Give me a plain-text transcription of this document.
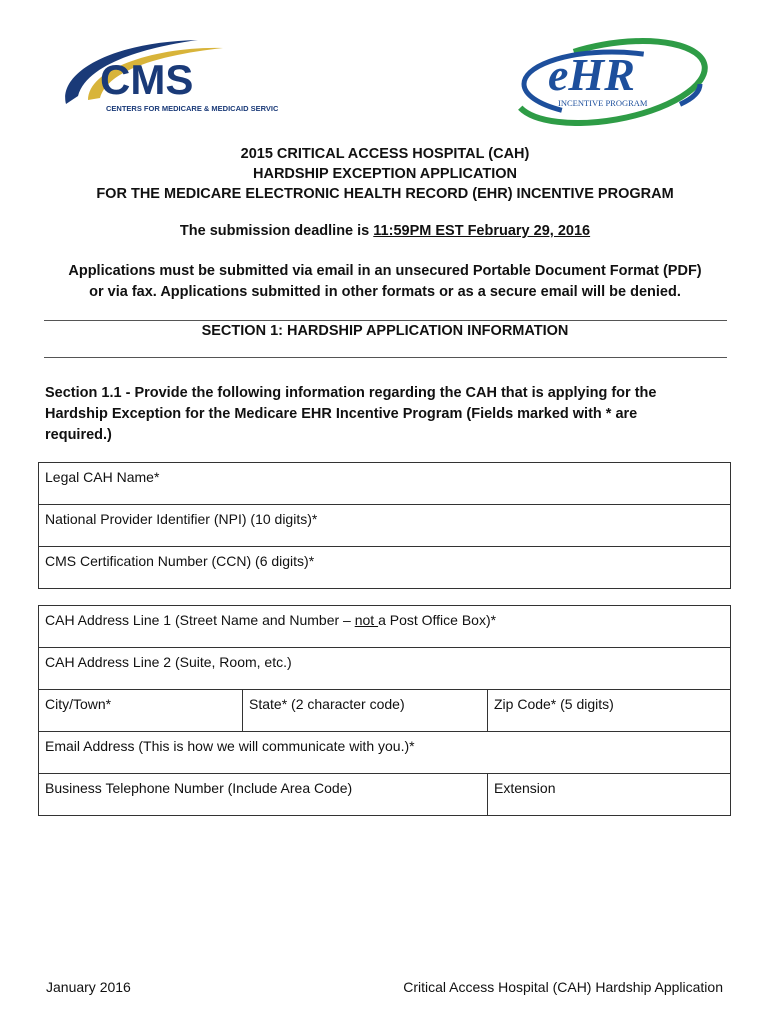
CMS
CENTERS FOR MEDICARE & MEDICAID SERVICES
eHR
INCENTIVE PROGRAM
2015 CRITICAL ACCESS HOSPITAL (CAH)
HARDSHIP EXCEPTION APPLICATION
FOR THE MEDICARE ELECTRONIC HEALTH RECORD (EHR) INCENTIVE PROGRAM
The submission deadline is 11:59PM EST February 29, 2016
Applications must be submitted via email in an unsecured Portable Document Format (PDF)
or via fax. Applications submitted in other formats or as a secure email will be denied.
SECTION 1: HARDSHIP APPLICATION INFORMATION
Section 1.1 - Provide the following information regarding the CAH that is applying for the
Hardship Exception for the Medicare EHR Incentive Program (Fields marked with * are
required.)
Legal CAH Name*
National Provider Identifier (NPI) (10 digits)*
CMS Certification Number (CCN) (6 digits)*
CAH Address Line 1 (Street Name and Number – not a Post Office Box)*		
CAH Address Line 2 (Suite, Room, etc.)		
City/Town*	State* (2 character code)	Zip Code* (5 digits)
Email Address (This is how we will communicate with you.)*		
Business Telephone Number (Include Area Code)		Extension
January 2016	Critical Access Hospital (CAH) Hardship Application
